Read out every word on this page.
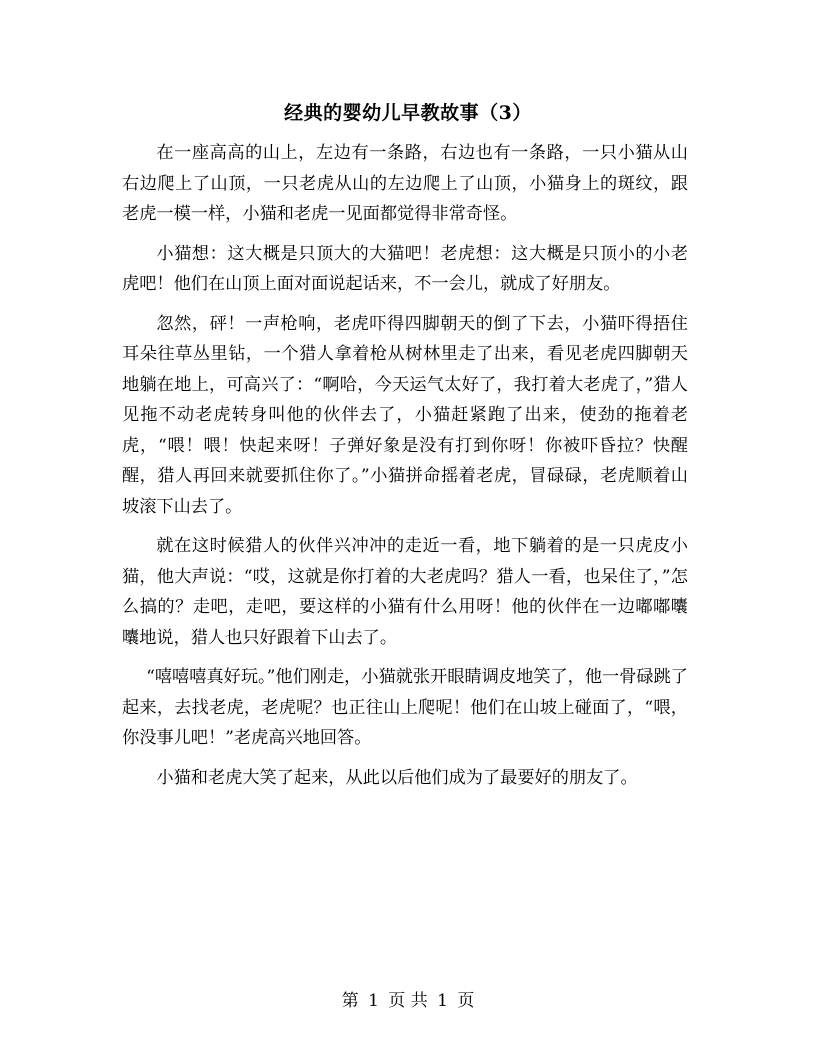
经典的婴幼儿早教故事（3）

在一座高高的山上，左边有一条路，右边也有一条路，一只小猫从山右边爬上了山顶，一只老虎从山的左边爬上了山顶，小猫身上的斑纹，跟老虎一模一样，小猫和老虎一见面都觉得非常奇怪。

小猫想：这大概是只顶大的大猫吧！老虎想：这大概是只顶小的小老虎吧！他们在山顶上面对面说起话来，不一会儿，就成了好朋友。

忽然，砰！一声枪响，老虎吓得四脚朝天的倒了下去，小猫吓得捂住耳朵往草丛里钻，一个猎人拿着枪从树林里走了出来，看见老虎四脚朝天地躺在地上，可高兴了：“啊哈，今天运气太好了，我打着大老虎了，”猎人见拖不动老虎转身叫他的伙伴去了，小猫赶紧跑了出来，使劲的拖着老虎，“喂！喂！快起来呀！子弹好象是没有打到你呀！你被吓昏拉？快醒醒，猎人再回来就要抓住你了。”小猫拼命摇着老虎，冒碌碌，老虎顺着山坡滚下山去了。

就在这时候猎人的伙伴兴冲冲的走近一看，地下躺着的是一只虎皮小猫，他大声说：“哎，这就是你打着的大老虎吗？猎人一看，也呆住了，”怎么搞的？走吧，走吧，要这样的小猫有什么用呀！他的伙伴在一边嘟嘟囔囔地说，猎人也只好跟着下山去了。

“嘻嘻嘻真好玩。”他们刚走，小猫就张开眼睛调皮地笑了，他一骨碌跳了起来，去找老虎，老虎呢？也正往山上爬呢！他们在山坡上碰面了，“喂，你没事儿吧！”老虎高兴地回答。

小猫和老虎大笑了起来，从此以后他们成为了最要好的朋友了。

第 1 页 共 1 页
